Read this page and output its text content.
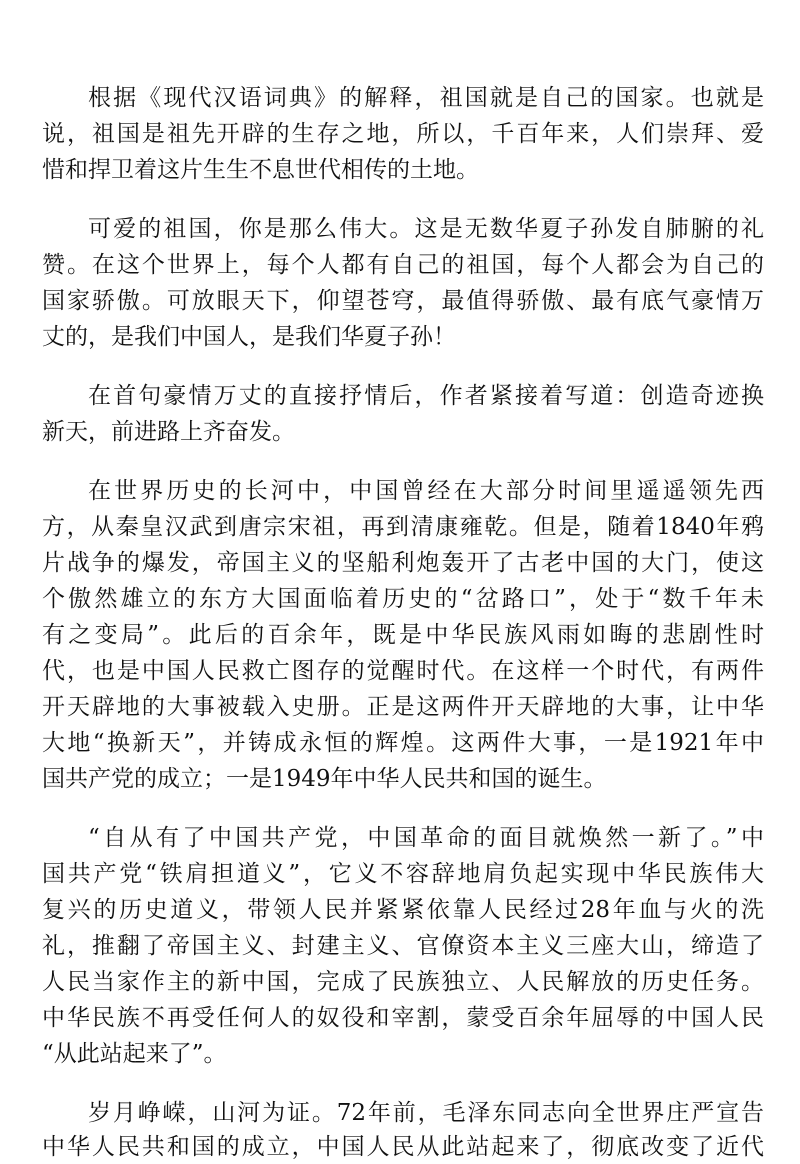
根据《现代汉语词典》的解释，祖国就是自己的国家。也就是
说，祖国是祖先开辟的生存之地，所以，千百年来，人们崇拜、爱
惜和捍卫着这片生生不息世代相传的土地。
可爱的祖国，你是那么伟大。这是无数华夏子孙发自肺腑的礼
赞。在这个世界上，每个人都有自己的祖国，每个人都会为自己的
国家骄傲。可放眼天下，仰望苍穹，最值得骄傲、最有底气豪情万
丈的，是我们中国人，是我们华夏子孙！
在首句豪情万丈的直接抒情后，作者紧接着写道：创造奇迹换
新天，前进路上齐奋发。
在世界历史的长河中，中国曾经在大部分时间里遥遥领先西
方，从秦皇汉武到唐宗宋祖，再到清康雍乾。但是，随着1840年鸦
片战争的爆发，帝国主义的坚船利炮轰开了古老中国的大门，使这
个傲然雄立的东方大国面临着历史的“岔路口”，处于“数千年未
有之变局”。此后的百余年，既是中华民族风雨如晦的悲剧性时
代，也是中国人民救亡图存的觉醒时代。在这样一个时代，有两件
开天辟地的大事被载入史册。正是这两件开天辟地的大事，让中华
大地“换新天”，并铸成永恒的辉煌。这两件大事，一是1921年中
国共产党的成立；一是1949年中华人民共和国的诞生。
“自从有了中国共产党，中国革命的面目就焕然一新了。”中
国共产党“铁肩担道义”，它义不容辞地肩负起实现中华民族伟大
复兴的历史道义，带领人民并紧紧依靠人民经过28年血与火的洗
礼，推翻了帝国主义、封建主义、官僚资本主义三座大山，缔造了
人民当家作主的新中国，完成了民族独立、人民解放的历史任务。
中华民族不再受任何人的奴役和宰割，蒙受百余年屈辱的中国人民
“从此站起来了”。
岁月峥嵘，山河为证。72年前，毛泽东同志向全世界庄严宣告
中华人民共和国的成立，中国人民从此站起来了，彻底改变了近代
